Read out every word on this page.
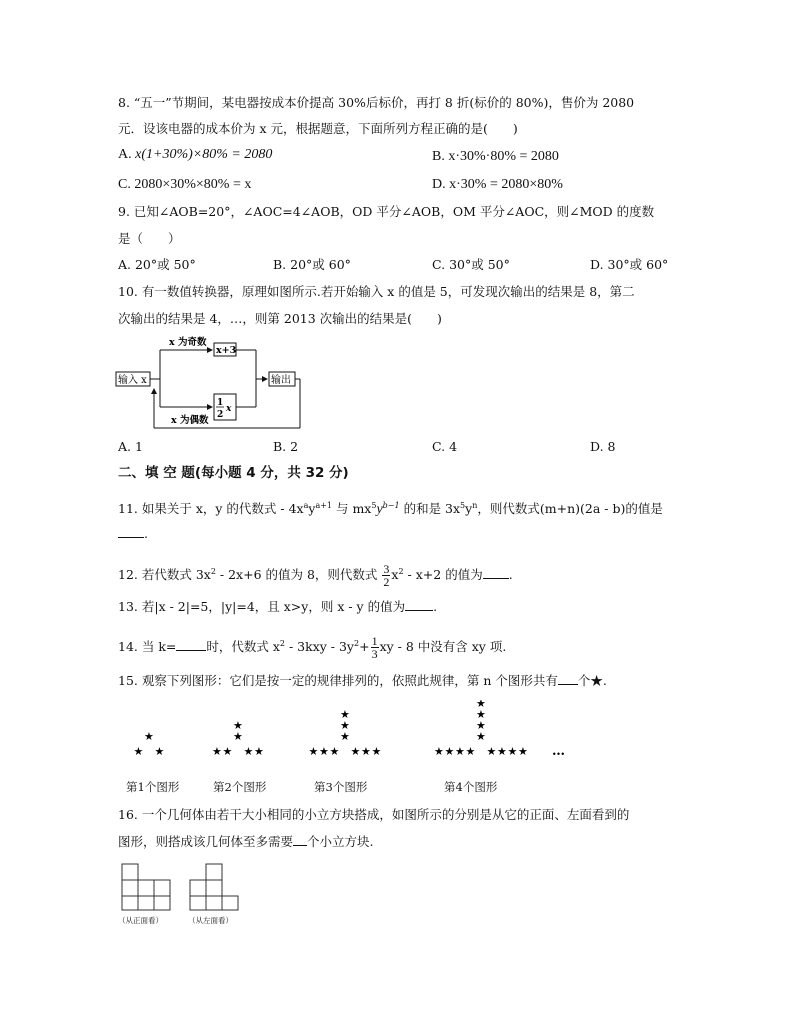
8. “五一”节期间，某电器按成本价提高 30%后标价，再打 8 折(标价的 80%)，售价为 2080
元．设该电器的成本价为 x 元，根据题意，下面所列方程正确的是(　　)
A. x(1+30%)×80% = 2080	B. x·30%·80% = 2080
C. 2080×30%×80% = x	D. x·30% = 2080×80%
9. 已知∠AOB=20°，∠AOC=4∠AOB，OD 平分∠AOB，OM 平分∠AOC，则∠MOD 的度数
是（　　）
A. 20°或 50°	B. 20°或 60°	C. 30°或 50°	D. 30°或 60°
10. 有一数值转换器，原理如图所示.若开始输入 x 的值是 5，可发现次输出的结果是 8，第二
次输出的结果是 4，…，则第 2013 次输出的结果是(　　)
输入 x
x 为奇数
x+3
1
2
x
x 为偶数
输出
A. 1	B. 2	C. 4	D. 8
二、填 空 题(每小题 4 分，共 32 分)
11. 如果关于 x，y 的代数式 - $4x^ay^{a+1}$ 与 $mx^5y^{b-1}$ 的和是 $3x^5y^n$，则代数式(m+n)(2a - b)的值是
.
12. 若代数式 $3x^2 - 2x+6$ 的值为 8，则代数式 $\frac{3}{2} x^2 - x+2$ 的值为 .
13. 若|x - 2|=5，|y|=4，且 x>y，则 x - y 的值为 .
14. 当 k= 时，代数式 $x^2 - 3kxy - 3y^2+ \frac{1}{3}$ xy - 8 中没有含 xy 项.
15. 观察下列图形：它们是按一定的规律排列的，依照此规律，第 n 个图形共有 个★.
★ ★
★
★
★ ★ ★
★
★
★
★
★	★ ★ ★
★
★
★
★
★
★
★	★ ★ ★ ★
★
★
★
★
…
第1个图形	第2个图形	第3个图形	第4个图形
16. 一个几何体由若干大小相同的小立方块搭成，如图所示的分别是从它的正面、左面看到的
图形，则搭成该几何体至多需要 个小立方块.
（从正面看）	（从左面看）
